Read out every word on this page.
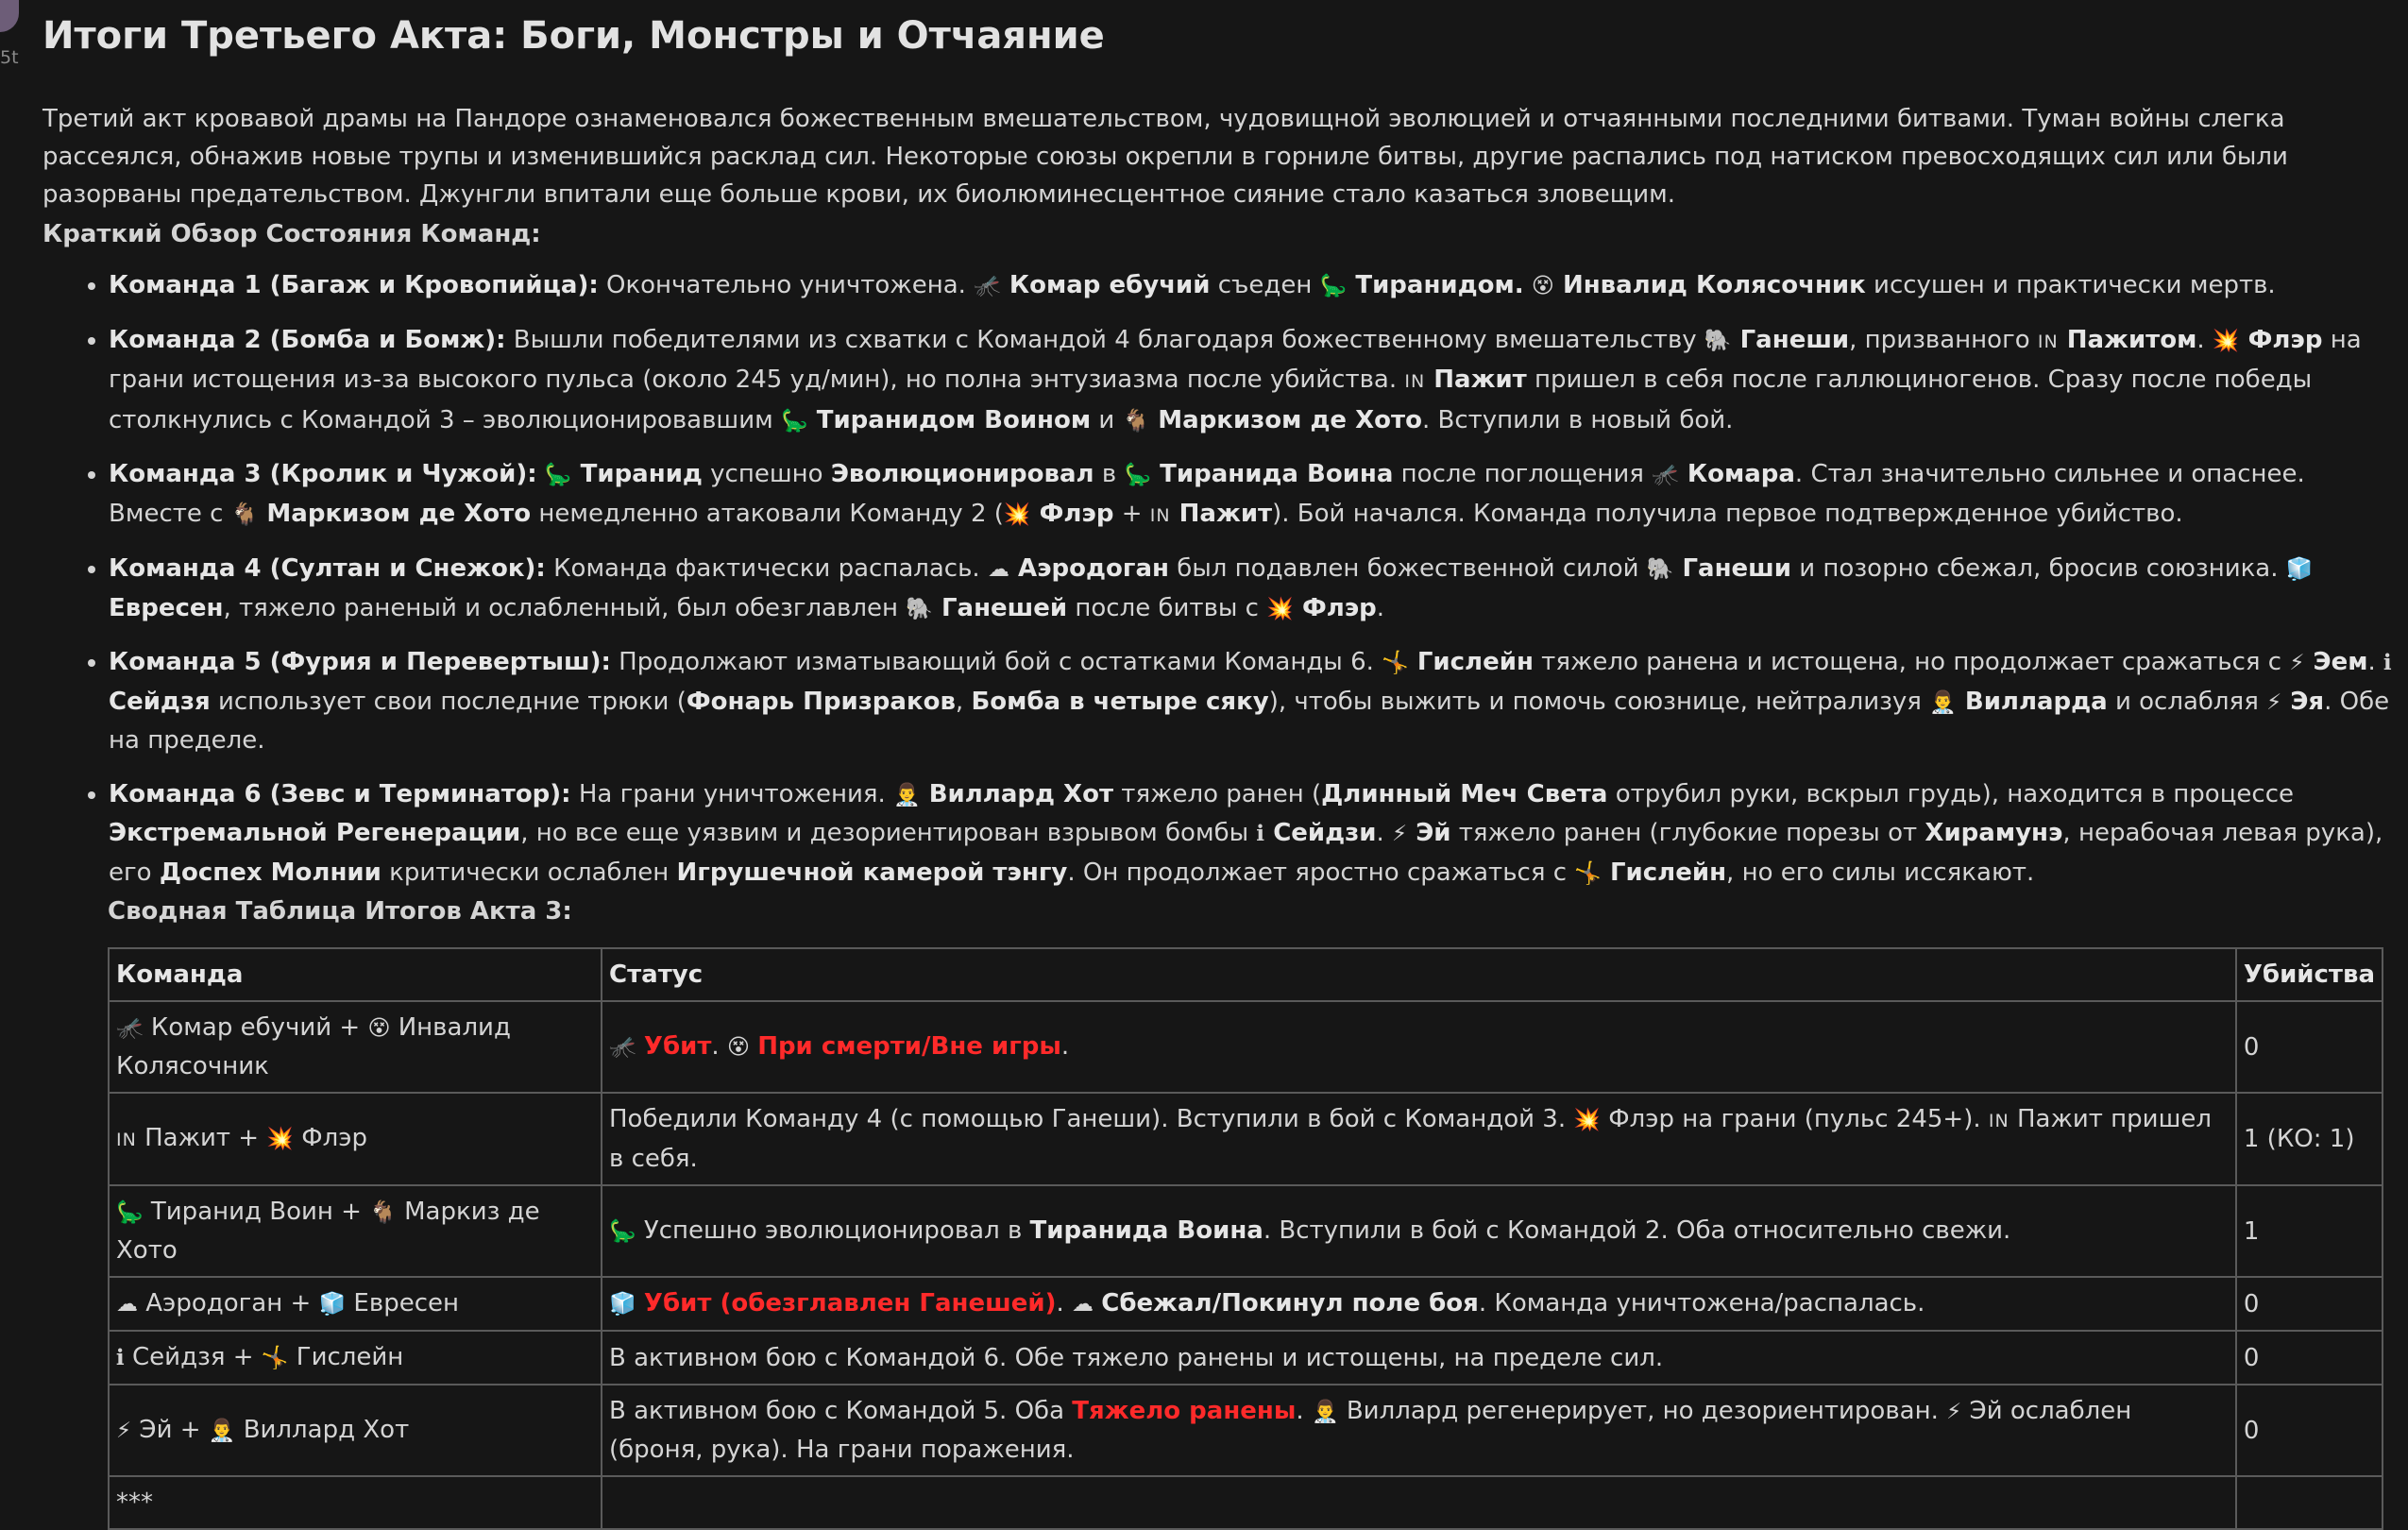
5t Итоги Третьего Акта: Боги, Монстры и Отчаяние

Третий акт кровавой драмы на Пандоре ознаменовался божественным вмешательством, чудовищной эволюцией и отчаянными последними битвами. Туман войны слегка рассеялся, обнажив новые трупы и изменившийся расклад сил. Некоторые союзы окрепли в горниле битвы, другие распались под натиском превосходящих сил или были разорваны предательством. Джунгли впитали еще больше крови, их биолюминесцентное сияние стало казаться зловещим.

Краткий Обзор Состояния Команд:
• Команда 1 (Багаж и Кровопийца): Окончательно уничтожена. 🦟 Комар ебучий съеден 🦕 Тиранидом. 😵 Инвалид Колясочник иссушен и практически мертв.
• Команда 2 (Бомба и Бомж): Вышли победителями из схватки с Командой 4 благодаря божественному вмешательству 🐘 Ганеши, призванного IN Пажитом. 💥 Флэр на грани истощения из-за высокого пульса (около 245 уд/мин), но полна энтузиазма после убийства. IN Пажит пришел в себя после галлюциногенов. Сразу после победы столкнулись с Командой 3 – эволюционировавшим 🦕 Тиранидом Воином и 🐐 Маркизом де Хото. Вступили в новый бой.
• Команда 3 (Кролик и Чужой): 🦕 Тиранид успешно Эволюционировал в 🦕 Тиранида Воина после поглощения 🦟 Комара. Стал значительно сильнее и опаснее. Вместе с 🐐 Маркизом де Хото немедленно атаковали Команду 2 (💥 Флэр + IN Пажит). Бой начался. Команда получила первое подтвержденное убийство.
• Команда 4 (Султан и Снежок): Команда фактически распалась. ☁ Аэродоган был подавлен божественной силой 🐘 Ганеши и позорно сбежал, бросив союзника. 🧊 Евресен, тяжело раненый и ослабленный, был обезглавлен 🐘 Ганешей после битвы с 💥 Флэр.
• Команда 5 (Фурия и Перевертыш): Продолжают изматывающий бой с остатками Команды 6. 🤸 Гислейн тяжело ранена и истощена, но продолжает сражаться с ⚡ Эем. ℹ Сейдзя использует свои последние трюки (Фонарь Призраков, Бомба в четыре сяку), чтобы выжить и помочь союзнице, нейтрализуя 👨‍⚕ Вилларда и ослабляя ⚡ Эя. Обе на пределе.
• Команда 6 (Зевс и Терминатор): На грани уничтожения. 👨‍⚕ Виллард Хот тяжело ранен (Длинный Меч Света отрубил руки, вскрыл грудь), находится в процессе Экстремальной Регенерации, но все еще уязвим и дезориентирован взрывом бомбы ℹ Сейдзи. ⚡ Эй тяжело ранен (глубокие порезы от Хирамунэ, нерабочая левая рука), его Доспех Молнии критически ослаблен Игрушечной камерой тэнгу. Он продолжает яростно сражаться с 🤸 Гислейн, но его силы иссякают.
Сводная Таблица Итогов Акта 3:
Команда	Статус	Убийства
🦟 Комар ебучий + 😵 Инвалид Колясочник	🦟 Убит. 😵 При смерти/Вне игры.	0
IN Пажит + 💥 Флэр	Победили Команду 4 (с помощью Ганеши). Вступили в бой с Командой 3. 💥 Флэр на грани (пульс 245+). IN Пажит пришел в себя.	1 (КО: 1)
🦕 Тиранид Воин + 🐐 Маркиз де Хото	🦕 Успешно эволюционировал в Тиранида Воина. Вступили в бой с Командой 2. Оба относительно свежи.	1
☁ Аэродоган + 🧊 Евресен	🧊 Убит (обезглавлен Ганешей). ☁ Сбежал/Покинул поле боя. Команда уничтожена/распалась.	0
ℹ Сейдзя + 🤸 Гислейн	В активном бою с Командой 6. Обе тяжело ранены и истощены, на пределе сил.	0
⚡ Эй + 👨‍⚕ Виллард Хот	В активном бою с Командой 5. Оба Тяжело ранены. 👨‍⚕ Виллард регенерирует, но дезориентирован. ⚡ Эй ослаблен (броня, рука). На грани поражения.	0
***		
